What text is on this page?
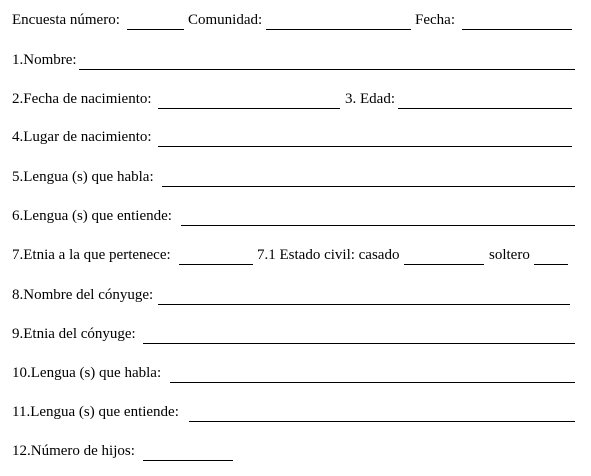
Encuesta número:	Comunidad:	Fecha:
1.Nombre:
2.Fecha de nacimiento:	3. Edad:
4.Lugar de nacimiento:
5.Lengua (s) que habla:
6.Lengua (s) que entiende:
7.Etnia a la que pertenece:	7.1 Estado civil: casado	soltero
8.Nombre del cónyuge:
9.Etnia del cónyuge:
10.Lengua (s) que habla:
11.Lengua (s) que entiende:
12.Número de hijos:
